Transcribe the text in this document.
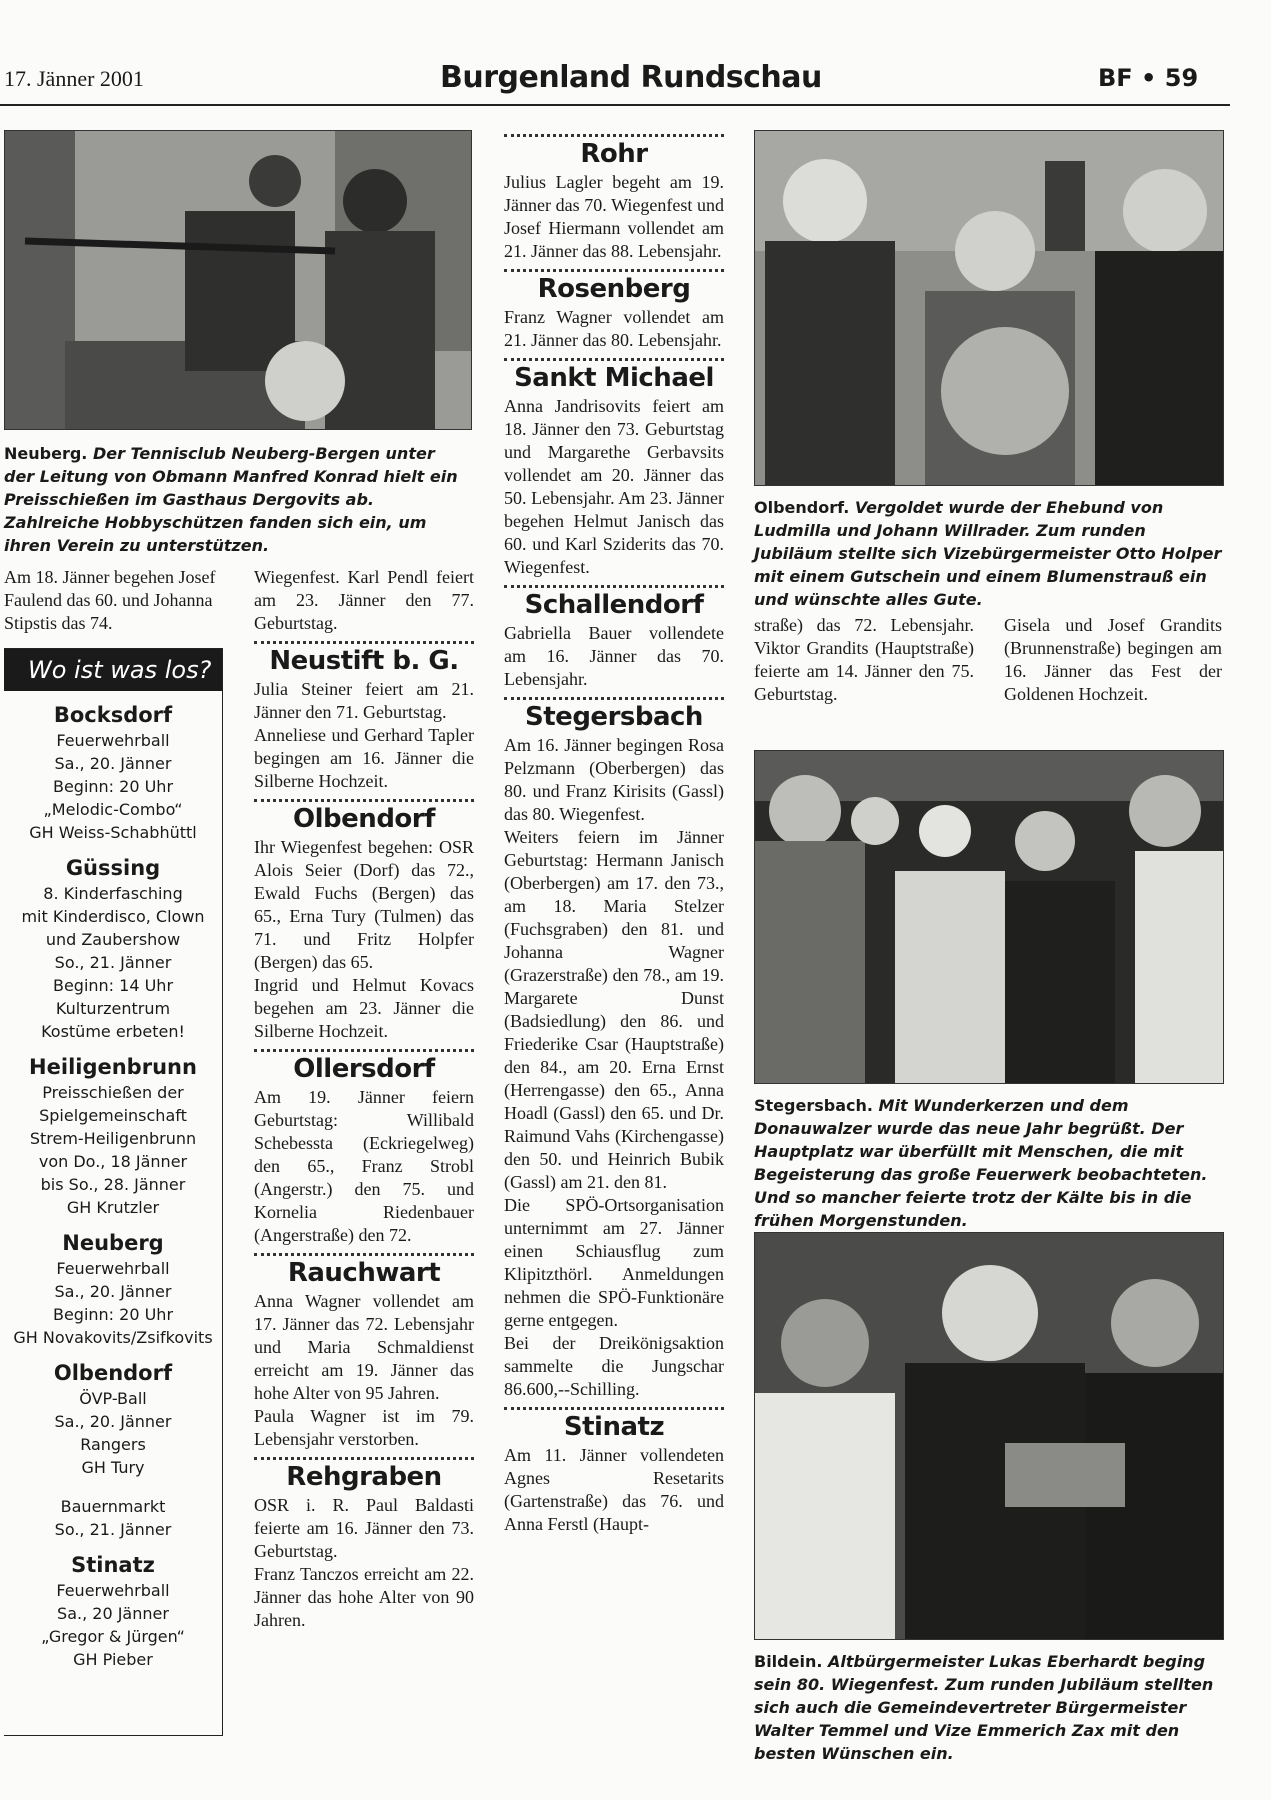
17. Jänner 2001	Burgenland Rundschau	BF • 59
Neuberg. Der Tennisclub Neuberg-Bergen unter der Leitung von Obmann Manfred Konrad hielt ein Preisschießen im Gasthaus Dergovits ab. Zahlreiche Hobbyschützen fanden sich ein, um ihren Verein zu unterstützen.
Am 18. Jänner begehen Josef Faulend das 60. und Johanna Stipstis das 74.
Wo ist was los?
Bocksdorf
Feuerwehrball
Sa., 20. Jänner
Beginn: 20 Uhr
„Melodic-Combo“
GH Weiss-Schabhüttl
Güssing
8. Kinderfasching
mit Kinderdisco, Clown
und Zaubershow
So., 21. Jänner
Beginn: 14 Uhr
Kulturzentrum
Kostüme erbeten!
Heiligenbrunn
Preisschießen der
Spielgemeinschaft
Strem-Heiligenbrunn
von Do., 18 Jänner
bis So., 28. Jänner
GH Krutzler
Neuberg
Feuerwehrball
Sa., 20. Jänner
Beginn: 20 Uhr
GH Novakovits/Zsifkovits
Olbendorf
ÖVP-Ball
Sa., 20. Jänner
Rangers
GH Tury
Bauernmarkt
So., 21. Jänner
Stinatz
Feuerwehrball
Sa., 20 Jänner
„Gregor & Jürgen“
GH Pieber

Wiegenfest. Karl Pendl feiert am 23. Jänner den 77. Geburtstag.

Neustift b. G.

Julia Steiner feiert am 21. Jänner den 71. Geburtstag.

Anneliese und Gerhard Tapler begingen am 16. Jänner die Silberne Hochzeit.

Olbendorf

Ihr Wiegenfest begehen: OSR Alois Seier (Dorf) das 72., Ewald Fuchs (Bergen) das 65., Erna Tury (Tulmen) das 71. und Fritz Holpfer (Bergen) das 65.

Ingrid und Helmut Kovacs begehen am 23. Jänner die Silberne Hochzeit.

Ollersdorf

Am 19. Jänner feiern Geburtstag: Willibald Schebessta (Eckriegelweg) den 65., Franz Strobl (Angerstr.) den 75. und Kornelia Riedenbauer (Angerstraße) den 72.

Rauchwart

Anna Wagner vollendet am 17. Jänner das 72. Lebensjahr und Maria Schmaldienst erreicht am 19. Jänner das hohe Alter von 95 Jahren.

Paula Wagner ist im 79. Lebensjahr verstorben.

Rehgraben

OSR i. R. Paul Baldasti feierte am 16. Jänner den 73. Geburtstag.

Franz Tanczos erreicht am 22. Jänner das hohe Alter von 90 Jahren.

Rohr

Julius Lagler begeht am 19. Jänner das 70. Wiegenfest und Josef Hiermann vollendet am 21. Jänner das 88. Lebensjahr.

Rosenberg

Franz Wagner vollendet am 21. Jänner das 80. Lebensjahr.

Sankt Michael

Anna Jandrisovits feiert am 18. Jänner den 73. Geburtstag und Margarethe Gerbavsits vollendet am 20. Jänner das 50. Lebensjahr. Am 23. Jänner begehen Helmut Janisch das 60. und Karl Sziderits das 70. Wiegenfest.

Schallendorf

Gabriella Bauer vollendete am 16. Jänner das 70. Lebensjahr.

Stegersbach

Am 16. Jänner begingen Rosa Pelzmann (Oberbergen) das 80. und Franz Kirisits (Gassl) das 80. Wiegenfest.

Weiters feiern im Jänner Geburtstag: Hermann Janisch (Oberbergen) am 17. den 73., am 18. Maria Stelzer (Fuchsgraben) den 81. und Johanna Wagner (Grazerstraße) den 78., am 19. Margarete Dunst (Badsiedlung) den 86. und Friederike Csar (Hauptstraße) den 84., am 20. Erna Ernst (Herrengasse) den 65., Anna Hoadl (Gassl) den 65. und Dr. Raimund Vahs (Kirchengasse) den 50. und Heinrich Bubik (Gassl) am 21. den 81.

Die SPÖ-Ortsorganisation unternimmt am 27. Jänner einen Schiausflug zum Klipitzthörl. Anmeldungen nehmen die SPÖ-Funktionäre gerne entgegen.

Bei der Dreikönigsaktion sammelte die Jungschar 86.600,--Schilling.

Stinatz

Am 11. Jänner vollendeten Agnes Resetarits (Gartenstraße) das 76. und Anna Ferstl (Haupt-

Olbendorf. Vergoldet wurde der Ehebund von Ludmilla und Johann Willrader. Zum runden Jubiläum stellte sich Vizebürgermeister Otto Holper mit einem Gutschein und einem Blumenstrauß ein und wünschte alles Gute.
straße) das 72. Lebensjahr. Viktor Grandits (Hauptstraße) feierte am 14. Jänner den 75. Geburtstag.
Gisela und Josef Grandits (Brunnenstraße) begingen am 16. Jänner das Fest der Goldenen Hochzeit.
Stegersbach. Mit Wunderkerzen und dem Donauwalzer wurde das neue Jahr begrüßt. Der Hauptplatz war überfüllt mit Menschen, die mit Begeisterung das große Feuerwerk beobachteten. Und so mancher feierte trotz der Kälte bis in die frühen Morgenstunden.
Bildein. Altbürgermeister Lukas Eberhardt beging sein 80. Wiegenfest. Zum runden Jubiläum stellten sich auch die Gemeindevertreter Bürgermeister Walter Temmel und Vize Emmerich Zax mit den besten Wünschen ein.
